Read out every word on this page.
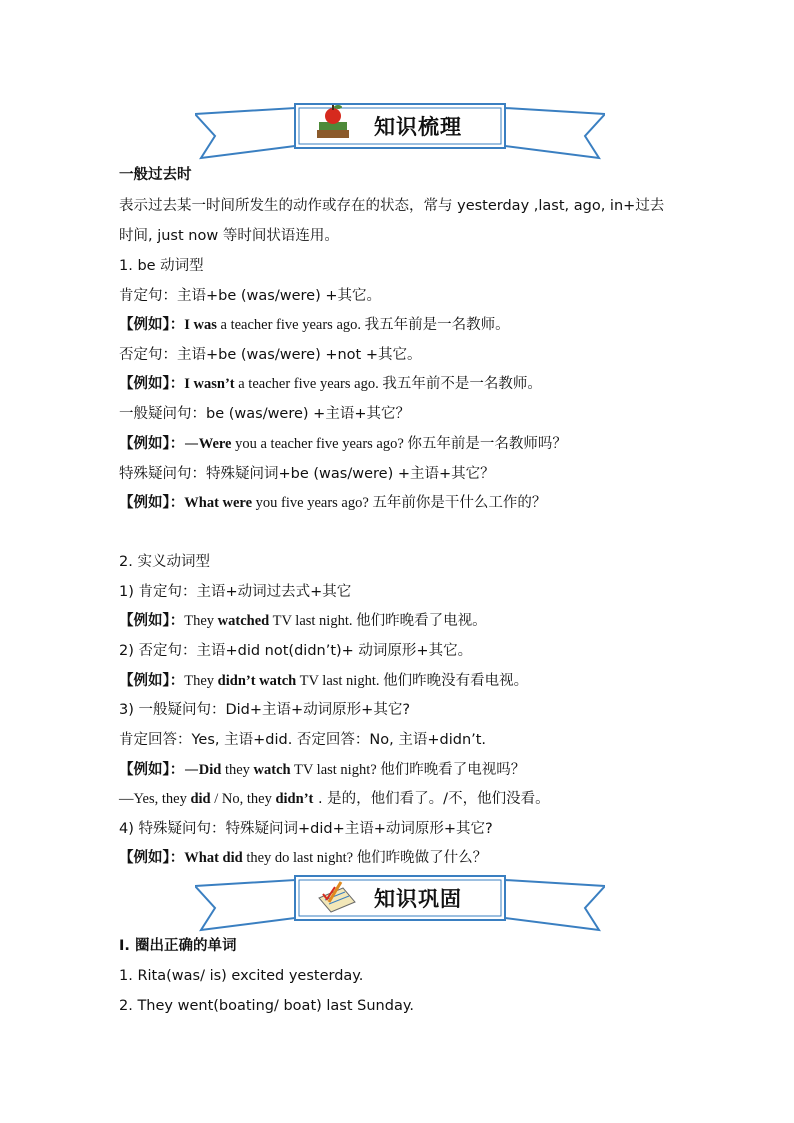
知识梳理
一般过去时
表示过去某一时间所发生的动作或存在的状态，常与 yesterday ,last, ago, in+过去
时间, just now 等时间状语连用。
1. be 动词型
肯定句：主语+be (was/were) +其它。
【例如】：I was a teacher five years ago. 我五年前是一名教师。
否定句：主语+be (was/were) +not +其它。
【例如】：I wasn’t a teacher five years ago. 我五年前不是一名教师。
一般疑问句：be (was/were) +主语+其它？
【例如】：—Were you a teacher five years ago? 你五年前是一名教师吗？
特殊疑问句：特殊疑问词+be (was/were) +主语+其它？
【例如】：What were you five years ago? 五年前你是干什么工作的？
2. 实义动词型
1) 肯定句：主语+动词过去式+其它
【例如】：They watched TV last night. 他们昨晚看了电视。
2) 否定句：主语+did not(didn’t)+ 动词原形+其它。
【例如】：They didn’t watch TV last night. 他们昨晚没有看电视。
3) 一般疑问句：Did+主语+动词原形+其它?
肯定回答：Yes, 主语+did. 否定回答：No, 主语+didn’t.
【例如】：—Did they watch TV last night? 他们昨晚看了电视吗？
—Yes, they did / No, they didn’t . 是的，他们看了。/不，他们没看。
4) 特殊疑问句：特殊疑问词+did+主语+动词原形+其它?
【例如】：What did they do last night? 他们昨晚做了什么？
知识巩固
I. 圈出正确的单词
1. Rita(was/ is) excited yesterday.
2. They went(boating/ boat) last Sunday.
